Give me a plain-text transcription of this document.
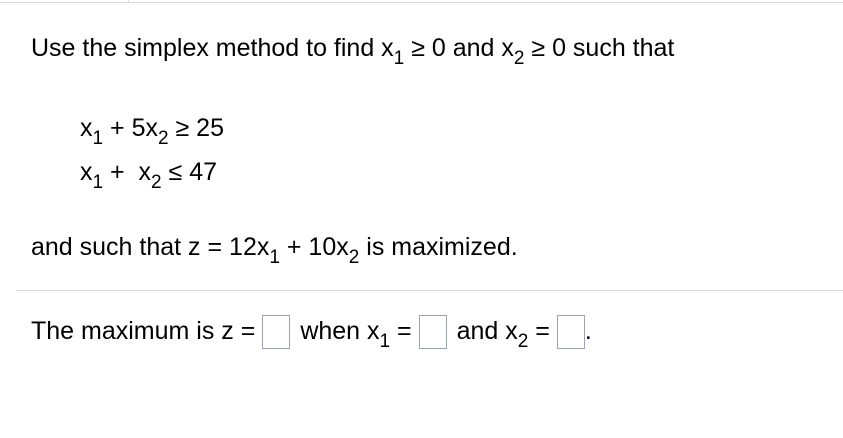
Use the simplex method to find $x_1 \ge 0$ and $x_2 \ge 0$ such that
$x_1 + 5x_2 \ge 25$
$x_1 + x_2 \le 47$
and such that $z = 12x_1 + 10x_2$ is maximized.
The maximum is z = when $x_1$ = and $x_2$ = .
